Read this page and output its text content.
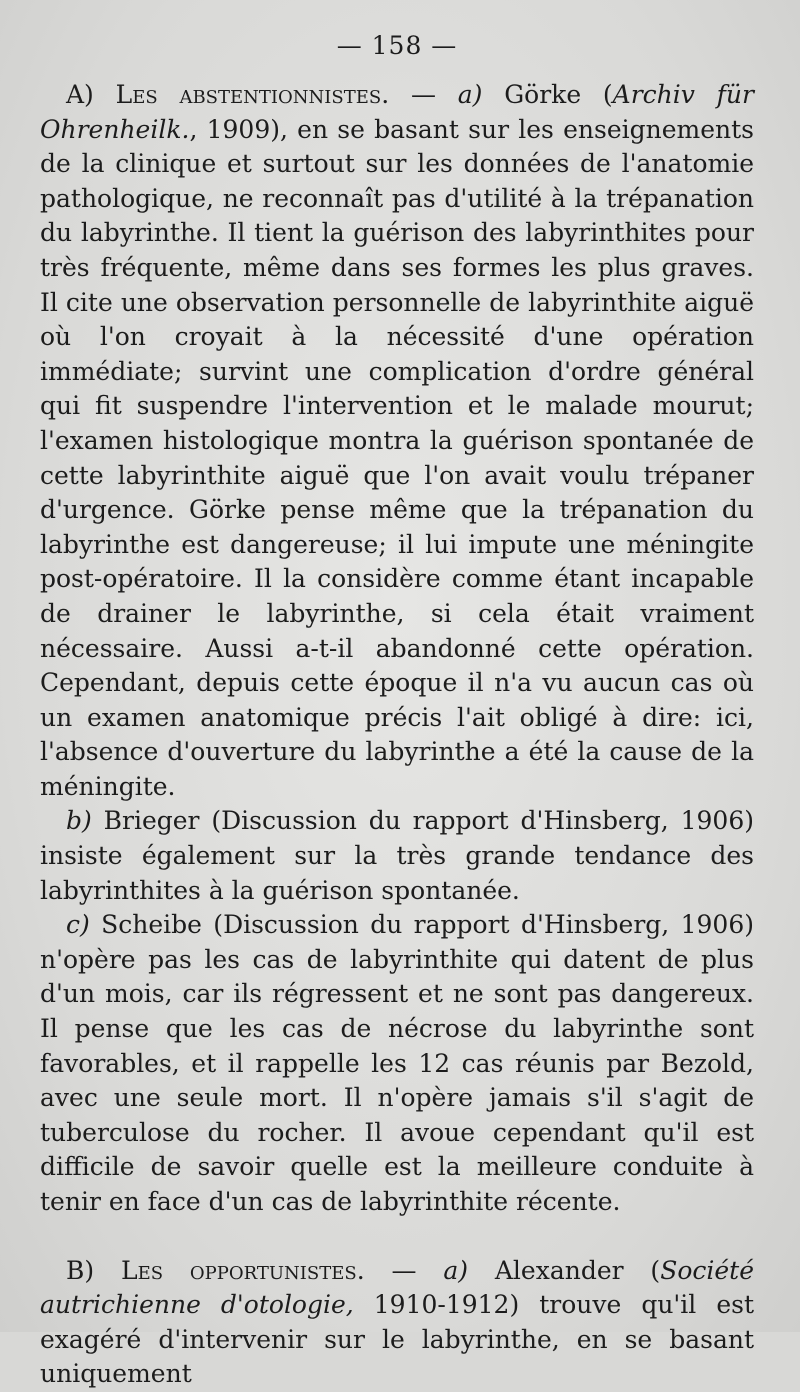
— 158 —

A) Les abstentionnistes. — a) Görke (Archiv für Ohrenheilk., 1909), en se basant sur les enseignements de la clinique et surtout sur les données de l'anatomie pathologique, ne reconnaît pas d'utilité à la trépanation du labyrinthe. Il tient la guérison des labyrinthites pour très fréquente, même dans ses formes les plus graves. Il cite une observation personnelle de labyrinthite aiguë où l'on croyait à la nécessité d'une opération immédiate; survint une complication d'ordre général qui fit suspendre l'intervention et le malade mourut; l'examen histologique montra la guérison spontanée de cette labyrinthite aiguë que l'on avait voulu trépaner d'urgence. Görke pense même que la trépanation du labyrinthe est dangereuse; il lui impute une méningite post-opératoire. Il la considère comme étant incapable de drainer le labyrinthe, si cela était vraiment nécessaire. Aussi a-t-il abandonné cette opération. Cependant, depuis cette époque il n'a vu aucun cas où un examen anatomique précis l'ait obligé à dire: ici, l'absence d'ouverture du labyrinthe a été la cause de la méningite.

b) Brieger (Discussion du rapport d'Hinsberg, 1906) insiste également sur la très grande tendance des labyrinthites à la guérison spontanée.

c) Scheibe (Discussion du rapport d'Hinsberg, 1906) n'opère pas les cas de labyrinthite qui datent de plus d'un mois, car ils régressent et ne sont pas dangereux. Il pense que les cas de nécrose du labyrinthe sont favorables, et il rappelle les 12 cas réunis par Bezold, avec une seule mort. Il n'opère jamais s'il s'agit de tuberculose du rocher. Il avoue cependant qu'il est difficile de savoir quelle est la meilleure conduite à tenir en face d'un cas de labyrinthite récente.

B) Les opportunistes. — a) Alexander (Société autrichienne d'otologie, 1910-1912) trouve qu'il est exagéré d'intervenir sur le labyrinthe, en se basant uniquement
